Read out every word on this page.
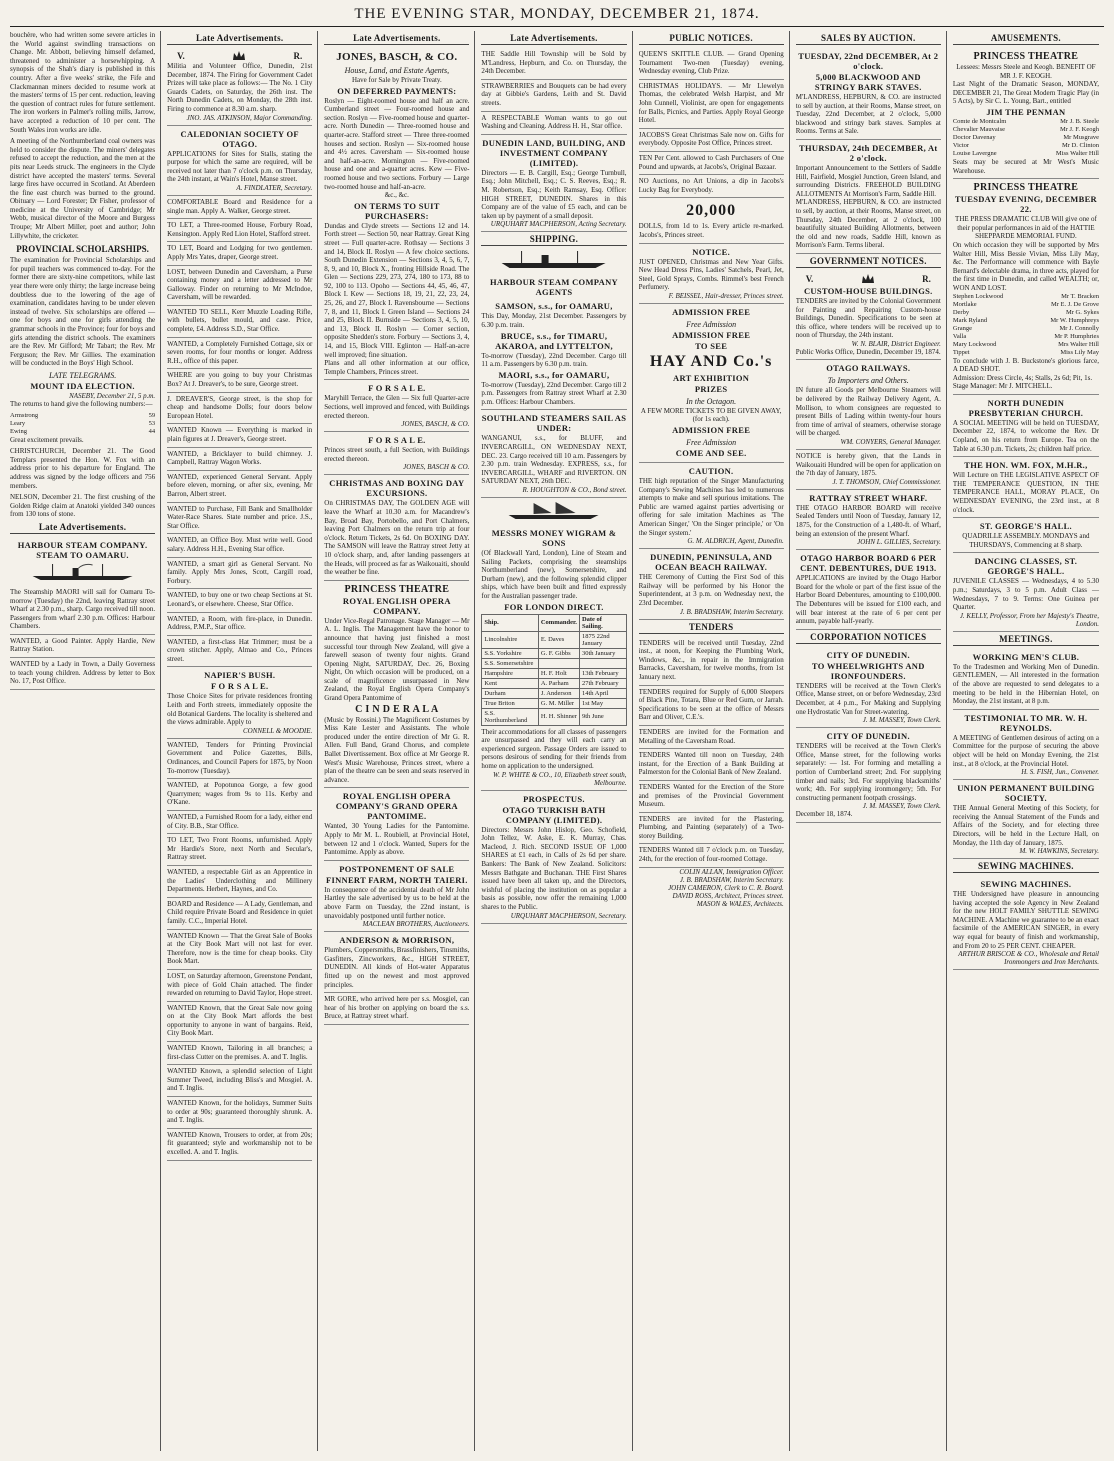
THE EVENING STAR, MONDAY, DECEMBER 21, 1874.

bouchère, who had written some severe articles in the World against swindling transactions on Change. Mr. Abbott, believing himself defamed, threatened to administer a horsewhipping. A synopsis of the Shah's diary is published in this country. After a five weeks' strike, the Fife and Clackmannan miners decided to resume work at the masters' terms of 15 per cent. reduction, leaving the question of contract rules for future settlement. The iron workers in Palmer's rolling mills, Jarrow, have accepted a reduction of 10 per cent. The South Wales iron works are idle.

A meeting of the Northumberland coal owners was held to consider the dispute. The miners' delegates refused to accept the reduction, and the men at the pits near Leeds struck. The engineers in the Clyde district have accepted the masters' terms. Several large fires have occurred in Scotland. At Aberdeen the fine east church was burned to the ground. Obituary — Lord Forester; Dr Fisher, professor of medicine at the University of Cambridge; Mr Webb, musical director of the Moore and Burgess Troupe; Mr Albert Miller, poet and author; John Lillywhite, the cricketer.

PROVINCIAL SCHOLARSHIPS.

The examination for Provincial Scholarships and for pupil teachers was commenced to-day. For the former there are sixty-nine competitors, while last year there were only thirty; the large increase being doubtless due to the lowering of the age of examination, candidates having to be under eleven instead of twelve. Six scholarships are offered — one for boys and one for girls attending the grammar schools in the Province; four for boys and girls attending the district schools. The examiners are the Rev. Mr Gifford; Mr Tabart; the Rev. Mr Ferguson; the Rev. Mr Gillies. The examination will be conducted in the Boys' High School.

LATE TELEGRAMS.
MOUNT IDA ELECTION.

NASEBY, December 21, 5 p.m.

The returns to hand give the following numbers:—

Armstrong	59
Leary	53
Ewing	44

Great excitement prevails.

CHRISTCHURCH, December 21. The Good Templars presented the Hon. W. Fox with an address prior to his departure for England. The address was signed by the lodge officers and 756 members.

NELSON, December 21. The first crushing of the Golden Ridge claim at Anatoki yielded 340 ounces from 130 tons of stone.

Late Advertisements.
HARBOUR STEAM COMPANY. STEAM TO OAMARU.

The Steamship MAORI will sail for Oamaru To-morrow (Tuesday) the 22nd, leaving Rattray street Wharf at 2.30 p.m., sharp. Cargo received till noon. Passengers from wharf 2.30 p.m. Offices: Harbour Chambers.

WANTED, a Good Painter. Apply Hardie, New Rattray Station.

WANTED by a Lady in Town, a Daily Governess to teach young children. Address by letter to Box No. 17, Post Office.

Late Advertisements.
V.	R.

Militia and Volunteer Office, Dunedin, 21st December, 1874. The Firing for Government Cadet Prizes will take place as follows:— The No. 1 City Guards Cadets, on Saturday, the 26th inst. The North Dunedin Cadets, on Monday, the 28th inst. Firing to commence at 8.30 a.m. sharp.

JNO. JAS. ATKINSON, Major Commanding.

CALEDONIAN SOCIETY OF OTAGO.

APPLICATIONS for Sites for Stalls, stating the purpose for which the same are required, will be received not later than 7 o'clock p.m. on Thursday, the 24th instant, at Wain's Hotel, Manse street.

A. FINDLATER, Secretary.

COMFORTABLE Board and Residence for a single man. Apply A. Walker, George street.

TO LET, a Three-roomed House, Forbury Road, Kensington. Apply Red Lion Hotel, Stafford street.

TO LET, Board and Lodging for two gentlemen. Apply Mrs Yates, draper, George street.

LOST, between Dunedin and Caversham, a Purse containing money and a letter addressed to Mr Galloway. Finder on returning to Mr McIndoe, Caversham, will be rewarded.

WANTED TO SELL, Kerr Muzzle Loading Rifle, with bullets, bullet mould, and case. Price, complete, £4. Address S.D., Star Office.

WANTED, a Completely Furnished Cottage, six or seven rooms, for four months or longer. Address R.H., office of this paper.

WHERE are you going to buy your Christmas Box? At J. Dreaver's, to be sure, George street.

J. DREAVER'S, George street, is the shop for cheap and handsome Dolls; four doors below European Hotel.

WANTED Known — Everything is marked in plain figures at J. Dreaver's, George street.

WANTED, a Bricklayer to build chimney. J. Campbell, Rattray Wagon Works.

WANTED, experienced General Servant. Apply before eleven, morning, or after six, evening, Mr Barron, Albert street.

WANTED to Purchase, Fill Bank and Smallholder Water-Race Shares. State number and price. J.S., Star Office.

WANTED, an Office Boy. Must write well. Good salary. Address H.H., Evening Star office.

WANTED, a smart girl as General Servant. No family. Apply Mrs Jones, Scott, Cargill road, Forbury.

WANTED, to buy one or two cheap Sections at St. Leonard's, or elsewhere. Cheese, Star Office.

WANTED, a Room, with fire-place, in Dunedin. Address, P.M.P., Star office.

WANTED, a first-class Hat Trimmer; must be a crown stitcher. Apply, Almao and Co., Princes street.

NAPIER'S BUSH.
F O R S A L E.

Those Choice Sites for private residences fronting Leith and Forth streets, immediately opposite the old Botanical Gardens. The locality is sheltered and the views admirable. Apply to

CONNELL & MOODIE.

WANTED, Tenders for Printing Provincial Government and Police Gazettes, Bills, Ordinances, and Council Papers for 1875, by Noon To-morrow (Tuesday).

WANTED, at Popotunoa Gorge, a few good Quarrymen; wages from 9s to 11s. Kerby and O'Kane.

WANTED, a Furnished Room for a lady, either end of City. B.B., Star Office.

TO LET, Two Front Rooms, unfurnished. Apply Mr Hardie's Store, next North and Secular's, Rattray street.

WANTED, a respectable Girl as an Apprentice in the Ladies' Underclothing and Millinery Departments. Herbert, Haynes, and Co.

BOARD and Residence — A Lady, Gentleman, and Child require Private Board and Residence in quiet family. C.C., Imperial Hotel.

WANTED Known — That the Great Sale of Books at the City Book Mart will not last for ever. Therefore, now is the time for cheap books. City Book Mart.

LOST, on Saturday afternoon, Greenstone Pendant, with piece of Gold Chain attached. The finder rewarded on returning to David Taylor, Hope street.

WANTED Known, that the Great Sale now going on at the City Book Mart affords the best opportunity to anyone in want of bargains. Reid, City Book Mart.

WANTED Known, Tailoring in all branches; a first-class Cutter on the premises. A. and T. Inglis.

WANTED Known, a splendid selection of Light Summer Tweed, including Bliss's and Mosgiel. A. and T. Inglis.

WANTED Known, for the holidays, Summer Suits to order at 90s; guaranteed thoroughly shrunk. A. and T. Inglis.

WANTED Known, Trousers to order, at from 20s; fit guaranteed; style and workmanship not to be excelled. A. and T. Inglis.

Late Advertisements.
JONES, BASCH, & CO.
House, Land, and Estate Agents,

Have for Sale by Private Treaty.

ON DEFERRED PAYMENTS:

Roslyn — Eight-roomed house and half an acre. Cumberland street — Four-roomed house and section. Roslyn — Five-roomed house and quarter-acre. North Dunedin — Three-roomed house and quarter-acre. Stafford street — Three three-roomed houses and section. Roslyn — Six-roomed house and 4½ acres. Caversham — Six-roomed house and half-an-acre. Mornington — Five-roomed house and one and a-quarter acres. Kew — Five-roomed house and two sections. Forbury — Large two-roomed house and half-an-acre.

&c., &c.

ON TERMS TO SUIT PURCHASERS:

Dundas and Clyde streets — Sections 12 and 14. Forth street — Section 50, near Rattray. Great King street — Full quarter-acre. Rothsay — Sections 3 and 14, Block II. Roslyn — A few choice sections. South Dunedin Extension — Sections 3, 4, 5, 6, 7, 8, 9, and 10, Block X., fronting Hillside Road. The Glen — Sections 229, 273, 274, 180 to 173, 88 to 92, 100 to 113. Opoho — Sections 44, 45, 46, 47, Block I. Kew — Sections 18, 19, 21, 22, 23, 24, 25, 26, and 27, Block I. Ravensbourne — Sections 7, 8, and 11, Block I. Green Island — Sections 24 and 25, Block II. Burnside — Sections 3, 4, 5, 10, and 13, Block II. Roslyn — Corner section, opposite Shedden's store. Forbury — Sections 3, 4, 14, and 15, Block VIII. Eglinton — Half-an-acre well improved; fine situation.

Plans and all other information at our office, Temple Chambers, Princes street.

F O R S A L E.

Maryhill Terrace, the Glen — Six full Quarter-acre Sections, well improved and fenced, with Buildings erected thereon.

JONES, BASCH, & CO.

F O R S A L E.

Princes street south, a full Section, with Buildings erected thereon.

JONES, BASCH & CO.

CHRISTMAS AND BOXING DAY EXCURSIONS.

On CHRISTMAS DAY, The GOLDEN AGE will leave the Wharf at 10.30 a.m. for Macandrew's Bay, Broad Bay, Portobello, and Port Chalmers, leaving Port Chalmers on the return trip at four o'clock. Return Tickets, 2s 6d. On BOXING DAY. The SAMSON will leave the Rattray street Jetty at 10 o'clock sharp, and, after landing passengers at the Heads, will proceed as far as Waikouaiti, should the weather be fine.

PRINCESS THEATRE
ROYAL ENGLISH OPERA COMPANY.

Under Vice-Regal Patronage. Stage Manager — Mr A. L. Inglis. The Management have the honor to announce that having just finished a most successful tour through New Zealand, will give a farewell season of twenty four nights. Grand Opening Night, SATURDAY, Dec. 26, Boxing Night, On which occasion will be produced, on a scale of magnificence unsurpassed in New Zealand, the Royal English Opera Company's Grand Opera Pantomime of

C I N D E R A L A

(Music by Rossini.) The Magnificent Costumes by Miss Kate Lester and Assistants. The whole produced under the entire direction of Mr G. R. Allen. Full Band, Grand Chorus, and complete Ballet Divertissement. Box office at Mr George R. West's Music Warehouse, Princes street, where a plan of the theatre can be seen and seats reserved in advance.

ROYAL ENGLISH OPERA COMPANY'S GRAND OPERA PANTOMIME.

Wanted, 30 Young Ladies for the Pantomime. Apply to Mr M. L. Roubiell, at Provincial Hotel, between 12 and 1 o'clock. Wanted, Supers for the Pantomime. Apply as above.

POSTPONEMENT OF SALE
FINNERT FARM, NORTH TAIERI.

In consequence of the accidental death of Mr John Hartley the sale advertised by us to be held at the above Farm on Tuesday, the 22nd instant, is unavoidably postponed until further notice.

MACLEAN BROTHERS, Auctioneers.

ANDERSON & MORRISON,

Plumbers, Coppersmiths, Brassfinishers, Tinsmiths, Gasfitters, Zincworkers, &c., HIGH STREET, DUNEDIN. All kinds of Hot-water Apparatus fitted up on the newest and most approved principles.

MR GORE, who arrived here per s.s. Mosgiel, can hear of his brother on applying on board the s.s. Bruce, at Rattray street wharf.

Late Advertisements.

THE Saddle Hill Township will be Sold by M'Landress, Hepburn, and Co. on Thursday, the 24th December.

STRAWBERRIES and Bouquets can be had every day at Gibbie's Gardens, Leith and St. David streets.

A RESPECTABLE Woman wants to go out Washing and Cleaning. Address H. H., Star office.

DUNEDIN LAND, BUILDING, AND INVESTMENT COMPANY (LIMITED).

Directors — E. B. Cargill, Esq.; George Turnbull, Esq.; John Mitchell, Esq.; C. S. Reeves, Esq.; R. M. Robertson, Esq.; Keith Ramsay, Esq. Office: HIGH STREET, DUNEDIN. Shares in this Company are of the value of £5 each, and can be taken up by payment of a small deposit.

URQUHART MACPHERSON, Acting Secretary.

SHIPPING.
HARBOUR STEAM COMPANY AGENTS
SAMSON, s.s., for OAMARU,

This Day, Monday, 21st December. Passengers by 6.30 p.m. train.

BRUCE, s.s., for TIMARU, AKAROA, and LYTTELTON,

To-morrow (Tuesday), 22nd December. Cargo till 11 a.m. Passengers by 6.30 p.m. train.

MAORI, s.s., for OAMARU,

To-morrow (Tuesday), 22nd December. Cargo till 2 p.m. Passengers from Rattray street Wharf at 2.30 p.m. Offices: Harbour Chambers.

SOUTHLAND STEAMERS SAIL AS UNDER:

WANGANUI, s.s., for BLUFF, and INVERCARGILL, ON WEDNESDAY NEXT, DEC. 23. Cargo received till 10 a.m. Passengers by 2.30 p.m. train Wednesday. EXPRESS, s.s., for INVERCARGILL, WHARF and RIVERTON. ON SATURDAY NEXT, 26th DEC.

R. HOUGHTON & CO., Bond street.

MESSRS MONEY WIGRAM & SONS

(Of Blackwall Yard, London), Line of Steam and Sailing Packets, comprising the steamships Northumberland (new), Somersetshire, and Durham (new), and the following splendid clipper ships, which have been built and fitted expressly for the Australian passenger trade.

FOR LONDON DIRECT.
Ship.	Commander.	Date of Sailing.
Lincolnshire	E. Daves	1875 22nd January
S.S. Yorkshire	G. F. Gibbs	30th January
S.S. Somersetshire		
Hampshire	H. F. Holt	13th February
Kent	A. Parham	27th February
Durham	J. Anderson	14th April
True Briton	G. M. Miller	1st May
S.S. Northumberland	H. H. Shinner	9th June

Their accommodations for all classes of passengers are unsurpassed and they will each carry an experienced surgeon. Passage Orders are issued to persons desirous of sending for their friends from home on application to the undersigned.

W. P. WHITE & CO., 10, Elizabeth street south, Melbourne.

PROSPECTUS.
OTAGO TURKISH BATH COMPANY (LIMITED).

Directors: Messrs John Hislop, Geo. Schofield, John Tellez, W. Aske, E. K. Murray, Chas. Macleod, J. Rich. SECOND ISSUE OF 1,000 SHARES at £1 each, in Calls of 2s 6d per share. Bankers: The Bank of New Zealand. Solicitors: Messrs Bathgate and Buchanan. THE First Shares issued have been all taken up, and the Directors, wishful of placing the institution on as popular a basis as possible, now offer the remaining 1,000 shares to the Public.

URQUHART MACPHERSON, Secretary.

PUBLIC NOTICES.

QUEEN'S SKITTLE CLUB. — Grand Opening Tournament Two-men (Tuesday) evening, Wednesday evening, Club Prize.

CHRISTMAS HOLIDAYS. — Mr Llewelyn Thomas, the celebrated Welsh Harpist, and Mr John Cunnell, Violinist, are open for engagements for Balls, Picnics, and Parties. Apply Royal George Hotel.

JACOBS'S Great Christmas Sale now on. Gifts for everybody. Opposite Post Office, Princes street.

TEN Per Cent. allowed to Cash Purchasers of One Pound and upwards, at Jacobs's, Original Bazaar.

NO Auctions, no Art Unions, a dip in Jacobs's Lucky Bag for Everybody.

20,000

DOLLS, from 1d to 1s. Every article re-marked. Jacobs's, Princes street.

NOTICE.

JUST OPENED, Christmas and New Year Gifts. New Head Dress Pins, Ladies' Satchels, Pearl, Jet, Steel, Gold Sprays, Combs. Rimmel's best French Perfumery.

F. BEISSEL, Hair-dresser, Princes street.

ADMISSION FREE
Free Admission
ADMISSION FREE
TO SEE
HAY AND Co.'s
ART EXHIBITION
PRIZES
In the Octagon.

A FEW MORE TICKETS TO BE GIVEN AWAY, (for 1s each).

ADMISSION FREE
Free Admission
COME AND SEE.
CAUTION.

THE high reputation of the Singer Manufacturing Company's Sewing Machines has led to numerous attempts to make and sell spurious imitations. The Public are warned against parties advertising or offering for sale imitation Machines as 'The American Singer,' 'On the Singer principle,' or 'On the Singer system.'

G. M. ALDRICH, Agent, Dunedin.

DUNEDIN, PENINSULA, AND OCEAN BEACH RAILWAY.

THE Ceremony of Cutting the First Sod of this Railway will be performed by his Honor the Superintendent, at 3 p.m. on Wednesday next, the 23rd December.

J. B. BRADSHAW, Interim Secretary.

TENDERS

TENDERS will be received until Tuesday, 22nd inst., at noon, for Keeping the Plumbing Work, Windows, &c., in repair in the Immigration Barracks, Caversham, for twelve months, from 1st January next.

TENDERS required for Supply of 6,000 Sleepers of Black Pine, Totara, Blue or Red Gum, or Jarrah. Specifications to be seen at the office of Messrs Barr and Oliver, C.E.'s.

TENDERS are invited for the Formation and Metalling of the Caversham Road.

TENDERS Wanted till noon on Tuesday, 24th instant, for the Erection of a Bank Building at Palmerston for the Colonial Bank of New Zealand.

TENDERS Wanted for the Erection of the Store and premises of the Provincial Government Museum.

TENDERS are invited for the Plastering, Plumbing, and Painting (separately) of a Two-storey Building.

TENDERS Wanted till 7 o'clock p.m. on Tuesday, 24th, for the erection of four-roomed Cottage.

COLIN ALLAN, Immigration Officer.

J. B. BRADSHAW, Interim Secretary.

JOHN CAMERON, Clerk to C. R. Board.

DAVID ROSS, Architect, Princes street.

MASON & WALES, Architects.

SALES BY AUCTION.
TUESDAY, 22nd DECEMBER, At 2 o'clock.
5,000 BLACKWOOD AND STRINGY BARK STAVES.

M'LANDRESS, HEPBURN, & CO. are instructed to sell by auction, at their Rooms, Manse street, on Tuesday, 22nd December, at 2 o'clock, 5,000 blackwood and stringy bark staves. Samples at Rooms. Terms at Sale.

THURSDAY, 24th DECEMBER, At 2 o'clock.

Important Announcement to the Settlers of Saddle Hill, Fairfield, Mosgiel Junction, Green Island, and surrounding Districts. FREEHOLD BUILDING ALLOTMENTS At Morrison's Farm, Saddle Hill.

M'LANDRESS, HEPBURN, & CO. are instructed to sell, by auction, at their Rooms, Manse street, on Thursday, 24th December, at 2 o'clock, 100 beautifully situated Building Allotments, between the old and new roads, Saddle Hill, known as Morrison's Farm. Terms liberal.

GOVERNMENT NOTICES.
V.	R.
CUSTOM-HOUSE BUILDINGS.

TENDERS are invited by the Colonial Government for Painting and Repairing Custom-house Buildings, Dunedin. Specifications to be seen at this office, where tenders will be received up to noon of Thursday, the 24th instant.

W. N. BLAIR, District Engineer.

Public Works Office, Dunedin, December 19, 1874.

OTAGO RAILWAYS.
To Importers and Others.

IN future all Goods per Melbourne Steamers will be delivered by the Railway Delivery Agent, A. Mollison, to whom consignees are requested to present Bills of Lading within twenty-four hours from time of arrival of steamers, otherwise storage will be charged.

WM. CONYERS, General Manager.

NOTICE is hereby given, that the Lands in Waikouaiti Hundred will be open for application on the 7th day of January, 1875.

J. T. THOMSON, Chief Commissioner.

RATTRAY STREET WHARF.

THE OTAGO HARBOR BOARD will receive Sealed Tenders until Noon of Tuesday, January 12, 1875, for the Construction of a 1,480-ft. of Wharf, being an extension of the present Wharf.

JOHN L. GILLIES, Secretary.

OTAGO HARBOR BOARD 6 PER CENT. DEBENTURES, DUE 1913.

APPLICATIONS are invited by the Otago Harbor Board for the whole or part of the first issue of the Harbor Board Debentures, amounting to £100,000. The Debentures will be issued for £100 each, and will bear interest at the rate of 6 per cent per annum, payable half-yearly.

CORPORATION NOTICES
CITY OF DUNEDIN.
TO WHEELWRIGHTS AND IRONFOUNDERS.

TENDERS will be received at the Town Clerk's Office, Manse street, on or before Wednesday, 23rd December, at 4 p.m., For Making and Supplying one Hydrostatic Van for Street-watering.

J. M. MASSEY, Town Clerk.

CITY OF DUNEDIN.

TENDERS will be received at the Town Clerk's Office, Manse street, for the following works separately: — 1st. For forming and metalling a portion of Cumberland street; 2nd. For supplying timber and nails; 3rd. For supplying blacksmiths' work; 4th. For supplying ironmongery; 5th. For constructing permanent footpath crossings.

J. M. MASSEY, Town Clerk.

December 18, 1874.

AMUSEMENTS.
PRINCESS THEATRE

Lessees: Messrs Steele and Keogh. BENEFIT OF MR J. F. KEOGH.

Last Night of the Dramatic Season, MONDAY, DECEMBER 21, The Great Modern Tragic Play (in 5 Acts), by Sir C. L. Young, Bart., entitled

JIM THE PENMAN
Comte de Montcalm	Mr J. B. Steele
Chevalier Mauvaise	Mr J. F. Keogh
Doctor Davenay	Mr Musgrave
Victor	Mr D. Clinton
Louise Lavergne	Miss Walter Hill

Seats may be secured at Mr West's Music Warehouse.

PRINCESS THEATRE
TUESDAY EVENING, DECEMBER 22.

THE PRESS DRAMATIC CLUB Will give one of their popular performances in aid of the HATTIE SHEPPARDE MEMORIAL FUND.

On which occasion they will be supported by Mrs Walter Hill, Miss Bessie Vivian, Miss Lily May, &c. The Performance will commence with Bayle Bernard's delectable drama, in three acts, played for the first time in Dunedin, and called WEALTH; or, WON AND LOST.

Stephen Lockwood	Mr T. Bracken
Mortlake	Mr E. J. De Grove
Derby	Mr G. Sykes
Mark Ryland	Mr W. Humphreys
Grange	Mr J. Connolly
Valla	Mr P. Humphries
Mary Lockwood	Mrs Walter Hill
Tippet	Miss Lily May

To conclude with J. B. Buckstone's glorious farce, A DEAD SHOT.

Admission: Dress Circle, 4s; Stalls, 2s 6d; Pit, 1s.

Stage Manager: Mr J. MITCHELL.

NORTH DUNEDIN PRESBYTERIAN CHURCH.

A SOCIAL MEETING will be held on TUESDAY, December 22, 1874, to welcome the Rev. Dr Copland, on his return from Europe. Tea on the Table at 6.30 p.m. Tickets, 2s; children half price.

THE HON. WM. FOX, M.H.R.,

Will Lecture on THE LEGISLATIVE ASPECT OF THE TEMPERANCE QUESTION, IN THE TEMPERANCE HALL, MORAY PLACE, On WEDNESDAY EVENING, the 23rd inst., at 8 o'clock.

ST. GEORGE'S HALL.

QUADRILLE ASSEMBLY. MONDAYS and THURSDAYS, Commencing at 8 sharp.

DANCING CLASSES, ST. GEORGE'S HALL.

JUVENILE CLASSES — Wednesdays, 4 to 5.30 p.m.; Saturdays, 3 to 5 p.m. Adult Class — Wednesdays, 7 to 9. Terms: One Guinea per Quarter.

J. KELLY, Professor, From her Majesty's Theatre, London.

MEETINGS.
WORKING MEN'S CLUB.

To the Tradesmen and Working Men of Dunedin. GENTLEMEN, — All interested in the formation of the above are requested to send delegates to a meeting to be held in the Hibernian Hotel, on Monday, the 21st instant, at 8 p.m.

TESTIMONIAL TO MR. W. H. REYNOLDS.

A MEETING of Gentlemen desirous of acting on a Committee for the purpose of securing the above object will be held on Monday Evening, the 21st inst., at 8 o'clock, at the Provincial Hotel.

H. S. FISH, Jun., Convener.

UNION PERMANENT BUILDING SOCIETY.

THE Annual General Meeting of this Society, for receiving the Annual Statement of the Funds and Affairs of the Society, and for electing three Directors, will be held in the Lecture Hall, on Monday, the 11th day of January, 1875.

M. W. HAWKINS, Secretary.

SEWING MACHINES.
SEWING MACHINES.

THE Undersigned have pleasure in announcing having accepted the sole Agency in New Zealand for the new HOLT FAMILY SHUTTLE SEWING MACHINE. A Machine we guarantee to be an exact facsimile of the AMERICAN SINGER, in every way equal for beauty of finish and workmanship, and From 20 to 25 PER CENT. CHEAPER.

ARTHUR BRISCOE & CO., Wholesale and Retail Ironmongers and Iron Merchants.
